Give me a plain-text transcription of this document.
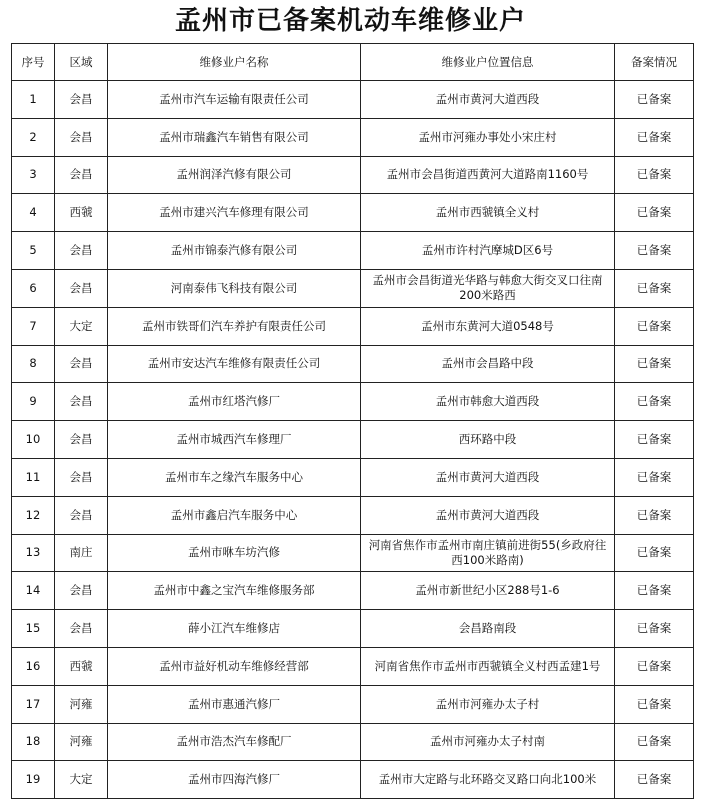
孟州市已备案机动车维修业户
序号	区域	维修业户名称	维修业户位置信息	备案情况
1	会昌	孟州市汽车运输有限责任公司	孟州市黄河大道西段	已备案
2	会昌	孟州市瑞鑫汽车销售有限公司	孟州市河雍办事处小宋庄村	已备案
3	会昌	孟州润泽汽修有限公司	孟州市会昌街道西黄河大道路南1160号	已备案
4	西虢	孟州市建兴汽车修理有限公司	孟州市西虢镇全义村	已备案
5	会昌	孟州市锦泰汽修有限公司	孟州市许村汽摩城D区6号	已备案
6	会昌	河南泰伟飞科技有限公司	孟州市会昌街道光华路与韩愈大街交叉口往南200米路西	已备案
7	大定	孟州市铁哥们汽车养护有限责任公司	孟州市东黄河大道0548号	已备案
8	会昌	孟州市安达汽车维修有限责任公司	孟州市会昌路中段	已备案
9	会昌	孟州市红塔汽修厂	孟州市韩愈大道西段	已备案
10	会昌	孟州市城西汽车修理厂	西环路中段	已备案
11	会昌	孟州市车之缘汽车服务中心	孟州市黄河大道西段	已备案
12	会昌	孟州市鑫启汽车服务中心	孟州市黄河大道西段	已备案
13	南庄	孟州市咻车坊汽修	河南省焦作市孟州市南庄镇前进街55(乡政府往西100米路南)	已备案
14	会昌	孟州市中鑫之宝汽车维修服务部	孟州市新世纪小区288号1-6	已备案
15	会昌	薛小江汽车维修店	会昌路南段	已备案
16	西虢	孟州市益好机动车维修经营部	河南省焦作市孟州市西虢镇全义村西孟建1号	已备案
17	河雍	孟州市惠通汽修厂	孟州市河雍办太子村	已备案
18	河雍	孟州市浩杰汽车修配厂	孟州市河雍办太子村南	已备案
19	大定	孟州市四海汽修厂	孟州市大定路与北环路交叉路口向北100米	已备案
